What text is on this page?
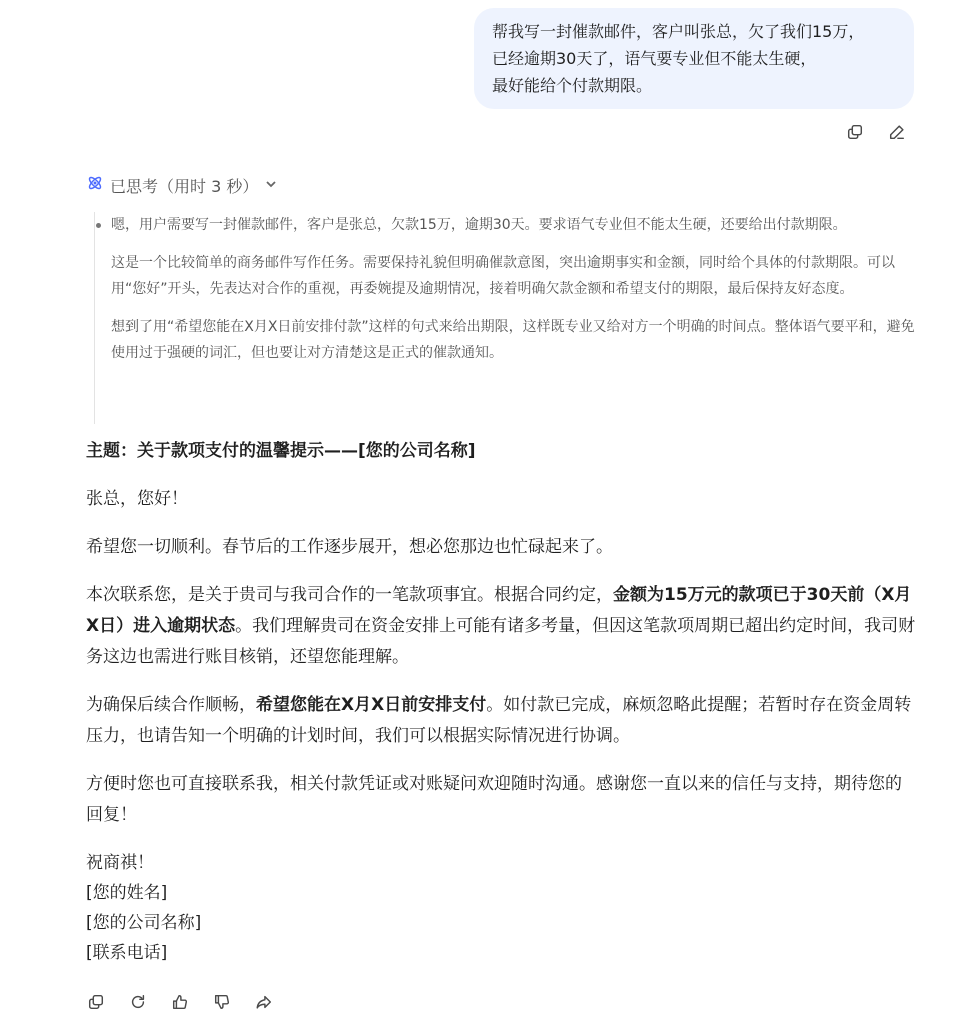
帮我写一封催款邮件，客户叫张总，欠了我们15万，
已经逾期30天了，语气要专业但不能太生硬，
最好能给个付款期限。
已思考（用时 3 秒）

嗯，用户需要写一封催款邮件，客户是张总，欠款15万，逾期30天。要求语气专业但不能太生硬，还要给出付款期限。

这是一个比较简单的商务邮件写作任务。需要保持礼貌但明确催款意图，突出逾期事实和金额，同时给个具体的付款期限。可以用“您好”开头，先表达对合作的重视，再委婉提及逾期情况，接着明确欠款金额和希望支付的期限，最后保持友好态度。

想到了用“希望您能在X月X日前安排付款”这样的句式来给出期限，这样既专业又给对方一个明确的时间点。整体语气要平和，避免使用过于强硬的词汇，但也要让对方清楚这是正式的催款通知。

主题：关于款项支付的温馨提示——[您的公司名称]

张总，您好！

希望您一切顺利。春节后的工作逐步展开，想必您那边也忙碌起来了。

本次联系您，是关于贵司与我司合作的一笔款项事宜。根据合同约定，金额为15万元的款项已于30天前（X月X日）进入逾期状态。我们理解贵司在资金安排上可能有诸多考量，但因这笔款项周期已超出约定时间，我司财务这边也需进行账目核销，还望您能理解。

为确保后续合作顺畅，希望您能在X月X日前安排支付。如付款已完成，麻烦忽略此提醒；若暂时存在资金周转压力，也请告知一个明确的计划时间，我们可以根据实际情况进行协调。

方便时您也可直接联系我，相关付款凭证或对账疑问欢迎随时沟通。感谢您一直以来的信任与支持，期待您的回复！

祝商祺！

[您的姓名]

[您的公司名称]

[联系电话]
